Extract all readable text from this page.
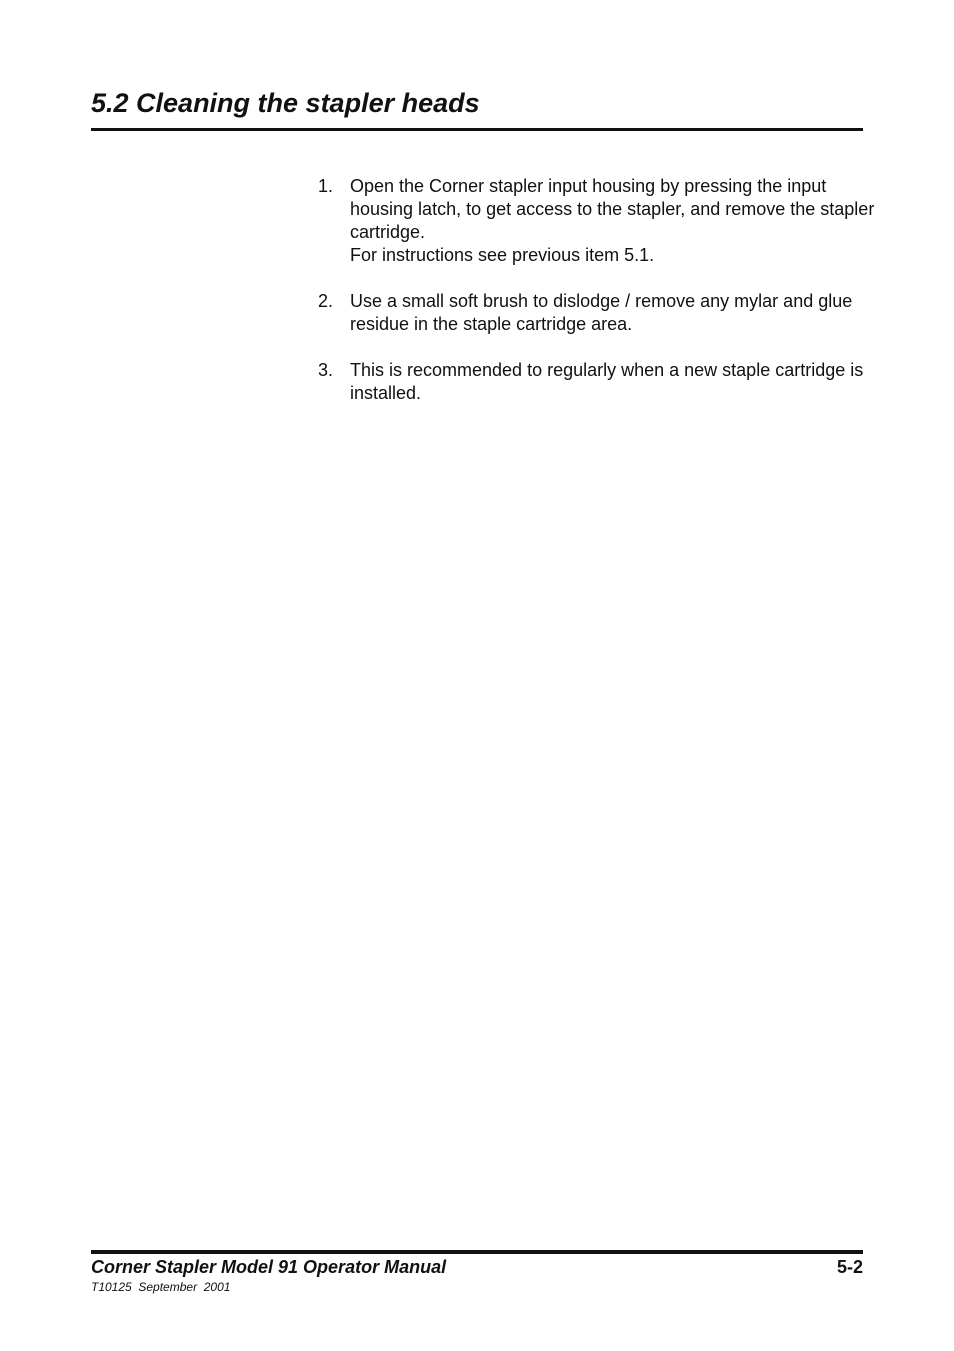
5.2 Cleaning the stapler heads
1. Open the Corner stapler input housing by pressing the input housing latch, to get access to the stapler, and remove the stapler cartridge.
For instructions see previous item 5.1.
2. Use a small soft brush to dislodge / remove any mylar and glue residue in the staple cartridge area.
3. This is recommended to regularly when a new staple cartridge is installed.
Corner Stapler Model 91 Operator Manual	5-2
T10125  September  2001
